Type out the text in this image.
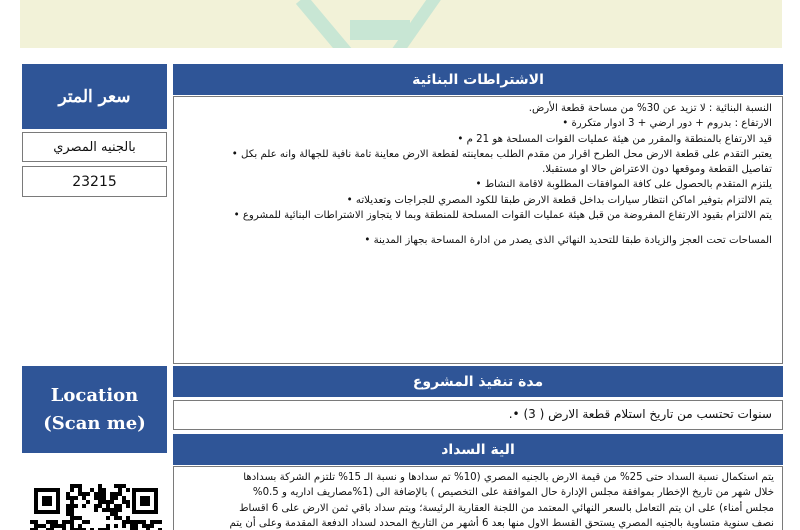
سعر المتر
بالجنيه المصري
23215
Location
(Scan me)
الاشتراطات البنائية
النسبة البنائية : لا تزيد عن 30% من مساحة قطعة الأرض.
الارتفاع : بدروم + دور ارضي + 3 ادوار متكررة •
قيد الارتفاع بالمنطقة والمقرر من هيئة عمليات القوات المسلحة هو 21 م •
يعتبر التقدم على قطعة الارض محل الطرح اقرار من مقدم الطلب بمعاينته لقطعة الارض معاينة تامة نافية للجهالة وانه علم بكل •
تفاصيل القطعة وموقعها دون الاعتراض حالا او مستقبلا.
يلتزم المتقدم بالحصول على كافة الموافقات المطلوبة لاقامة النشاط •
يتم الالتزام بتوفير اماكن انتظار سيارات بداخل قطعة الارض طبقا للكود المصري للجراجات وتعديلاته •
يتم الالتزام بقيود الارتفاع المفروضة من قبل هيئة عمليات القوات المسلحة للمنطقة وبما لا يتجاوز الاشتراطات البنائية للمشروع •
المساحات تحت العجز والزيادة طبقا للتحديد النهائي الذى يصدر من ادارة المساحة بجهاز المدينة •
مدة تنفيذ المشروع
سنوات تحتسب من تاريخ استلام قطعة الارض ( 3) •.
الية السداد
يتم استكمال نسبة السداد حتى 25% من قيمة الارض بالجنيه المصري (10% تم سدادها و نسبة الـ 15% تلتزم الشركة بسدادها
خلال شهر من تاريخ الإخطار بموافقة مجلس الإدارة حال الموافقة على التخصيص ) بالإضافة الى (1%مصاريف اداريه و 0.5%
مجلس أمناء) على ان يتم التعامل بالسعر النهائي المعتمد من اللجنة العقارية الرئيسة؛ ويتم سداد باقي ثمن الارض على 6 اقساط
نصف سنوية متساوية بالجنيه المصري يستحق القسط الاول منها بعد 6 أشهر من التاريخ المحدد لسداد الدفعة المقدمة وعلى أن يتم
